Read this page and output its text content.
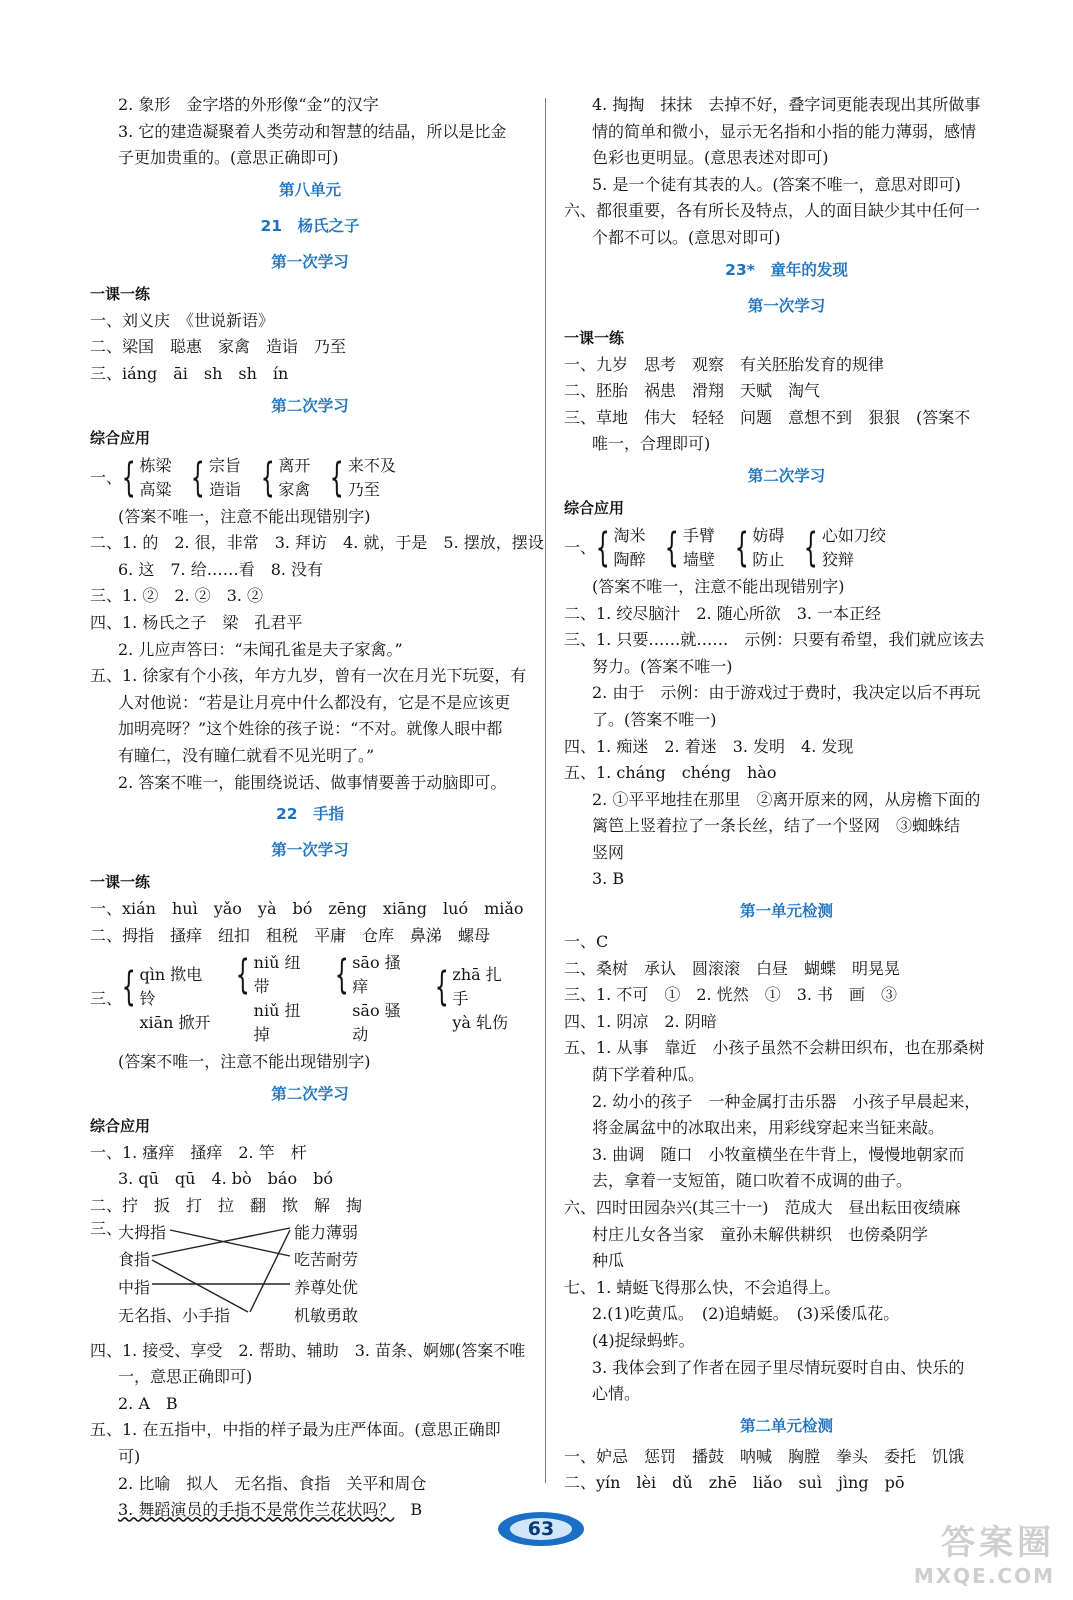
2. 象形　金字塔的外形像“金”的汉字
3. 它的建造凝聚着人类劳动和智慧的结晶，所以是比金
子更加贵重的。(意思正确即可)
第八单元
21　杨氏之子
第一次学习
一课一练
一、刘义庆　《世说新语》
二、梁国　聪惠　家禽　造诣　乃至
三、iáng　āi　sh　sh　ín
第二次学习
综合应用
一、 { 栋梁
高粱 { 宗旨
造诣 { 离开
家禽 { 来不及
乃至
(答案不唯一，注意不能出现错别字)
二、1. 的　2. 很，非常　3. 拜访　4. 就，于是　5. 摆放，摆设
6. 这　7. 给……看　8. 没有
三、1. ②　2. ②　3. ②
四、1. 杨氏之子　梁　孔君平
2. 儿应声答曰：“未闻孔雀是夫子家禽。”
五、1. 徐家有个小孩，年方九岁，曾有一次在月光下玩耍，有
人对他说：“若是让月亮中什么都没有，它是不是应该更
加明亮呀？”这个姓徐的孩子说：“不对。就像人眼中都
有瞳仁，没有瞳仁就看不见光明了。”
2. 答案不唯一，能围绕说话、做事情要善于动脑即可。
22　手指
第一次学习
一课一练
一、xián　huì　yǎo　yà　bó　zēng　xiāng　luó　miǎo
二、拇指　搔痒　纽扣　租税　平庸　仓库　鼻涕　螺母
三、 { qìn 揿电铃
xiān 掀开
{ niǔ 纽带
niǔ 扭掉
{ sāo 搔痒
sāo 骚动
{ zhā 扎手
yà 轧伤
(答案不唯一，注意不能出现错别字)
第二次学习
综合应用
一、1. 瘙痒　搔痒　2. 竿　杆
3. qū　qū　4. bò　báo　bó
二、拧　扳　打　拉　翻　揿　解　掏
三、
大拇指
食指
中指
无名指、小手指
能力薄弱
吃苦耐劳
养尊处优
机敏勇敢
四、1. 接受、享受　2. 帮助、辅助　3. 苗条、婀娜(答案不唯
一，意思正确即可)
2. A　B
五、1. 在五指中，中指的样子最为庄严体面。(意思正确即
可)
2. 比喻　拟人　无名指、食指　关平和周仓
3. 舞蹈演员的手指不是常作兰花状吗？　 B
4. 掏掏　抹抹　去掉不好，叠字词更能表现出其所做事
情的简单和微小，显示无名指和小指的能力薄弱，感情
色彩也更明显。(意思表述对即可)
5. 是一个徒有其表的人。(答案不唯一，意思对即可)
六、都很重要，各有所长及特点，人的面目缺少其中任何一
个都不可以。(意思对即可)
23*　童年的发现
第一次学习
一课一练
一、九岁　思考　观察　有关胚胎发育的规律
二、胚胎　祸患　滑翔　天赋　淘气
三、草地　伟大　轻轻　问题　意想不到　狠狠　(答案不
唯一，合理即可)
第二次学习
综合应用
一、 { 淘米
陶醉 { 手臂
墙壁 { 妨碍
防止 { 心如刀绞
狡辩
(答案不唯一，注意不能出现错别字)
二、1. 绞尽脑汁　2. 随心所欲　3. 一本正经
三、1. 只要……就……　示例：只要有希望，我们就应该去
努力。(答案不唯一)
2. 由于　示例：由于游戏过于费时，我决定以后不再玩
了。(答案不唯一)
四、1. 痴迷　2. 着迷　3. 发明　4. 发现
五、1. cháng　chéng　hào
2. ①平平地挂在那里　②离开原来的网，从房檐下面的
篱笆上竖着拉了一条长丝，结了一个竖网　③蜘蛛结
竖网
3. B
第一单元检测
一、C
二、桑树　承认　圆滚滚　白昼　蝴蝶　明晃晃
三、1. 不可　①　2. 恍然　①　3. 书　画　③
四、1. 阴凉　2. 阴暗
五、1. 从事　靠近　小孩子虽然不会耕田织布，也在那桑树
荫下学着种瓜。
2. 幼小的孩子　一种金属打击乐器　小孩子早晨起来，
将金属盆中的冰取出来，用彩线穿起来当钲来敲。
3. 曲调　随口　小牧童横坐在牛背上，慢慢地朝家而
去，拿着一支短笛，随口吹着不成调的曲子。
六、四时田园杂兴(其三十一)　范成大　昼出耘田夜绩麻
村庄儿女各当家　童孙未解供耕织　也傍桑阴学
种瓜
七、1. 蜻蜓飞得那么快，不会追得上。
2.(1)吃黄瓜。　(2)追蜻蜓。　(3)采倭瓜花。
(4)捉绿蚂蚱。
3. 我体会到了作者在园子里尽情玩耍时自由、快乐的
心情。
第二单元检测
一、妒忌　惩罚　播鼓　呐喊　胸膛　拳头　委托　饥饿
二、yín　lèi　dǔ　zhē　liǎo　suì　jìng　pō
63	答案圈
MXQE.COM
